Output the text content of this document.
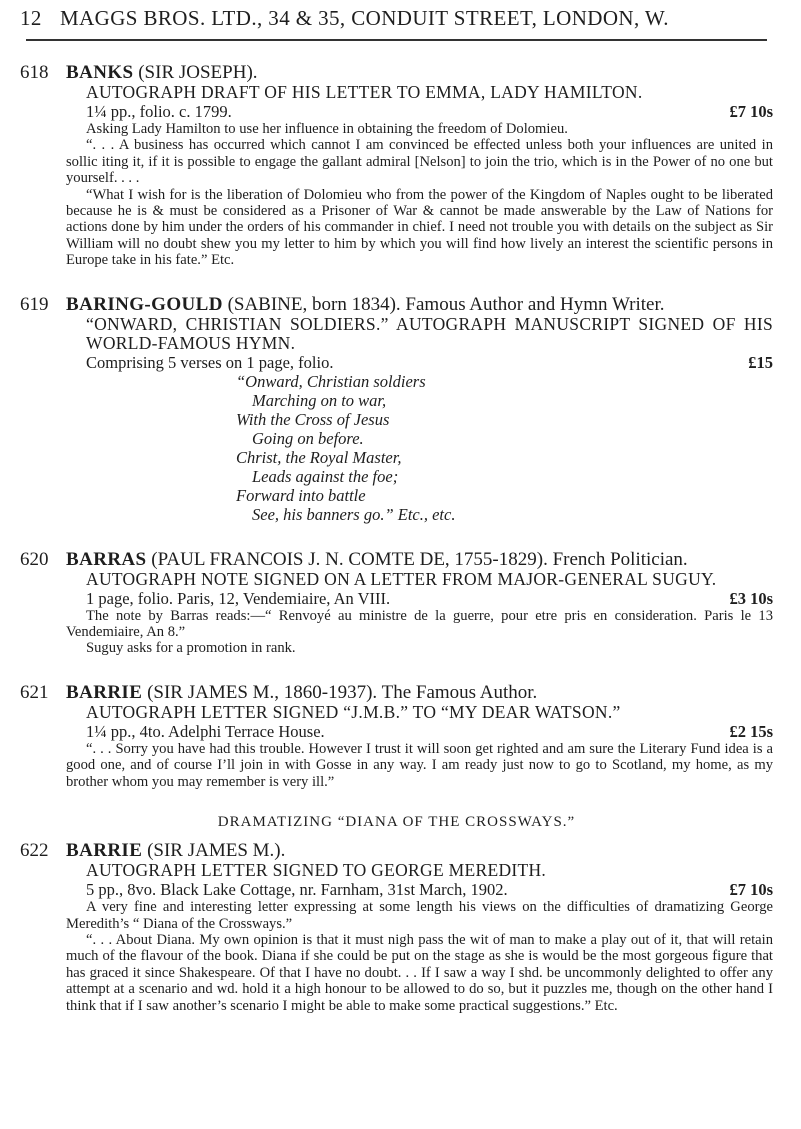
12 MAGGS BROS. LTD., 34 & 35, CONDUIT STREET, LONDON, W.
618 BANKS (SIR JOSEPH).
AUTOGRAPH DRAFT OF HIS LETTER TO EMMA, LADY HAMILTON.
1¼ pp., folio. c. 1799.	£7 10s
Asking Lady Hamilton to use her influence in obtaining the freedom of Dolomieu.
“. . . A business has occurred which cannot I am convinced be effected unless both your influences are united in sollic iting it, if it is possible to engage the gallant admiral [Nelson] to join the trio, which is in the Power of no one but yourself. . . .
“What I wish for is the liberation of Dolomieu who from the power of the Kingdom of Naples ought to be liberated because he is & must be considered as a Prisoner of War & cannot be made answerable by the Law of Nations for actions done by him under the orders of his commander in chief. I need not trouble you with details on the subject as Sir William will no doubt shew you my letter to him by which you will find how lively an interest the scientific persons in Europe take in his fate.” Etc.
619 BARING-GOULD (SABINE, born 1834). Famous Author and Hymn Writer.
“ONWARD, CHRISTIAN SOLDIERS.” AUTOGRAPH MANUSCRIPT SIGNED OF HIS WORLD-FAMOUS HYMN.
Comprising 5 verses on 1 page, folio.	£15
“Onward, Christian soldiers
Marching on to war,
With the Cross of Jesus
Going on before.
Christ, the Royal Master,
Leads against the foe;
Forward into battle
See, his banners go.” Etc., etc.
620 BARRAS (PAUL FRANCOIS J. N. COMTE DE, 1755-1829). French Politician.
AUTOGRAPH NOTE SIGNED ON A LETTER FROM MAJOR-GENERAL SUGUY.
1 page, folio. Paris, 12, Vendemiaire, An VIII.	£3 10s
The note by Barras reads:—“ Renvoyé au ministre de la guerre, pour etre pris en consideration. Paris le 13 Vendemiaire, An 8.”
Suguy asks for a promotion in rank.
621 BARRIE (SIR JAMES M., 1860-1937). The Famous Author.
AUTOGRAPH LETTER SIGNED “J.M.B.” TO “MY DEAR WATSON.”
1¼ pp., 4to. Adelphi Terrace House.	£2 15s
“. . . Sorry you have had this trouble. However I trust it will soon get righted and am sure the Literary Fund idea is a good one, and of course I’ll join in with Gosse in any way. I am ready just now to go to Scotland, my home, as my brother whom you may remember is very ill.”
DRAMATIZING “DIANA OF THE CROSSWAYS.”
622 BARRIE (SIR JAMES M.).
AUTOGRAPH LETTER SIGNED TO GEORGE MEREDITH.
5 pp., 8vo. Black Lake Cottage, nr. Farnham, 31st March, 1902.	£7 10s
A very fine and interesting letter expressing at some length his views on the difficulties of dramatizing George Meredith’s “ Diana of the Crossways.”
“. . . About Diana. My own opinion is that it must nigh pass the wit of man to make a play out of it, that will retain much of the flavour of the book. Diana if she could be put on the stage as she is would be the most gorgeous figure that has graced it since Shakespeare. Of that I have no doubt. . . If I saw a way I shd. be uncommonly delighted to offer any attempt at a scenario and wd. hold it a high honour to be allowed to do so, but it puzzles me, though on the other hand I think that if I saw another’s scenario I might be able to make some practical suggestions.” Etc.
